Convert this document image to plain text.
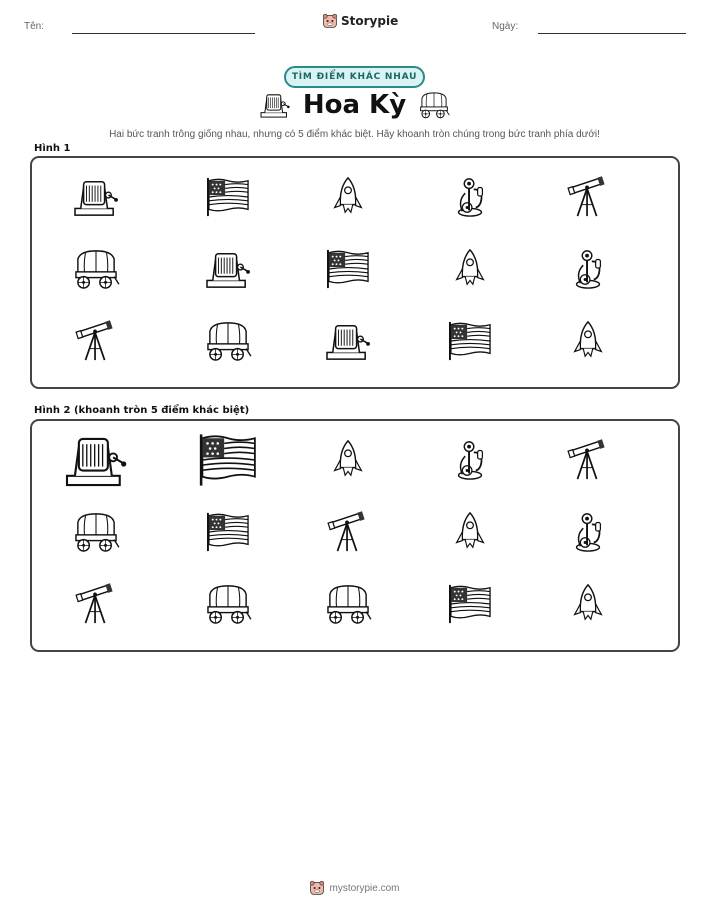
Tên:	Storypie	Ngày:
TÌM ĐIỂM KHÁC NHAU
Hoa Kỳ
Hai bức tranh trông giống nhau, nhưng có 5 điểm khác biệt. Hãy khoanh tròn chúng trong bức tranh phía dưới!
Hình 1
Hình 2 (khoanh tròn 5 điểm khác biệt)
mystorypie.com
